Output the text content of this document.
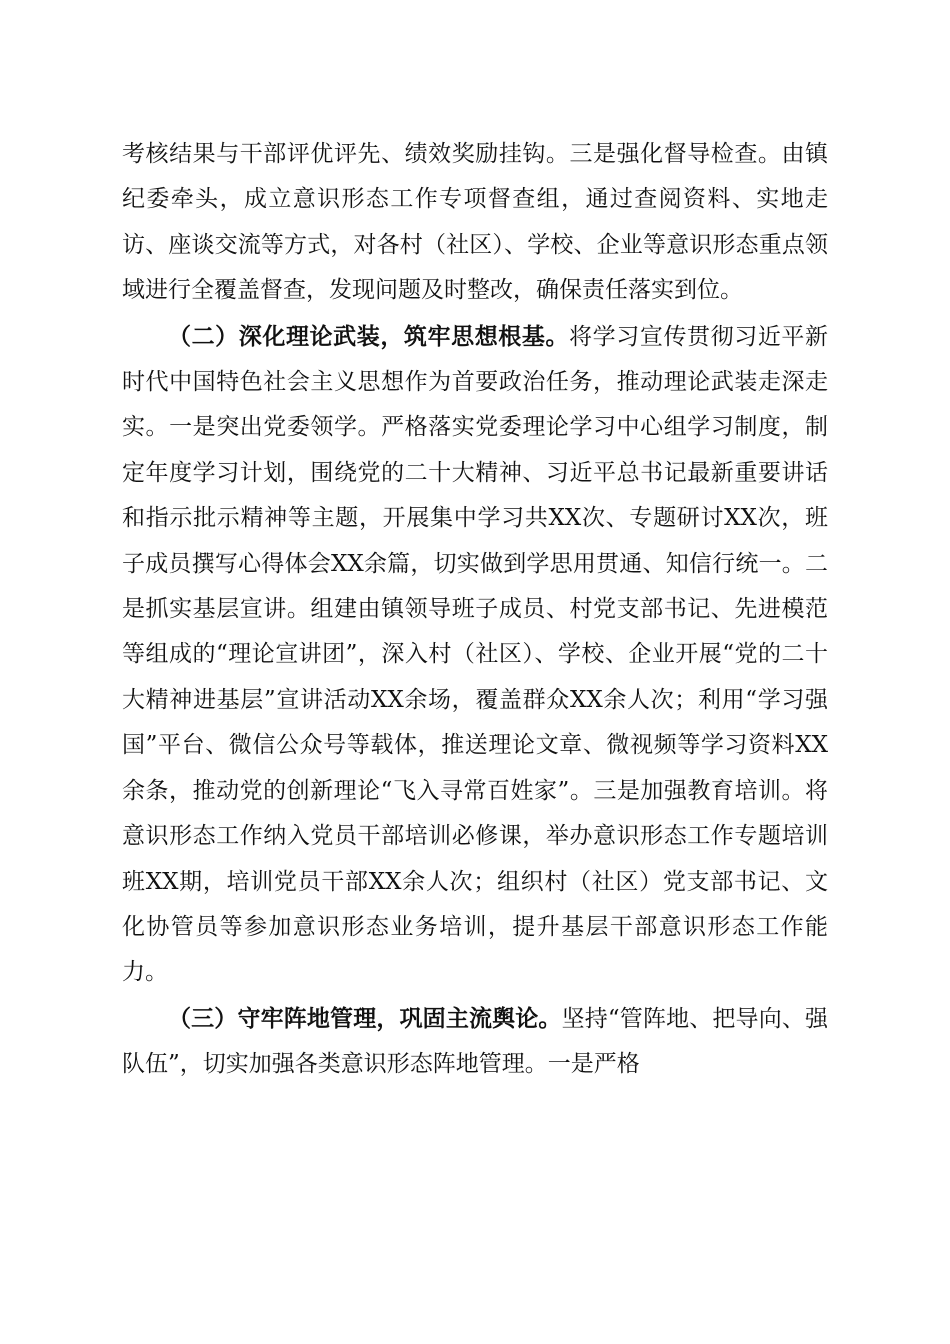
考核结果与干部评优评先、绩效奖励挂钩。三是强化督导检查。由镇纪委牵头，成立意识形态工作专项督查组，通过查阅资料、实地走访、座谈交流等方式，对各村（社区）、学校、企业等意识形态重点领域进行全覆盖督查，发现问题及时整改，确保责任落实到位。

（二）深化理论武装，筑牢思想根基。将学习宣传贯彻习近平新时代中国特色社会主义思想作为首要政治任务，推动理论武装走深走实。一是突出党委领学。严格落实党委理论学习中心组学习制度，制定年度学习计划，围绕党的二十大精神、习近平总书记最新重要讲话和指示批示精神等主题，开展集中学习共XX次、专题研讨XX次，班子成员撰写心得体会XX余篇，切实做到学思用贯通、知信行统一。二是抓实基层宣讲。组建由镇领导班子成员、村党支部书记、先进模范等组成的“理论宣讲团”，深入村（社区）、学校、企业开展“党的二十大精神进基层”宣讲活动XX余场，覆盖群众XX余人次；利用“学习强国”平台、微信公众号等载体，推送理论文章、微视频等学习资料XX余条，推动党的创新理论“飞入寻常百姓家”。三是加强教育培训。将意识形态工作纳入党员干部培训必修课，举办意识形态工作专题培训班XX期，培训党员干部XX余人次；组织村（社区）党支部书记、文化协管员等参加意识形态业务培训，提升基层干部意识形态工作能力。

（三）守牢阵地管理，巩固主流舆论。坚持“管阵地、把导向、强队伍”，切实加强各类意识形态阵地管理。一是严格
